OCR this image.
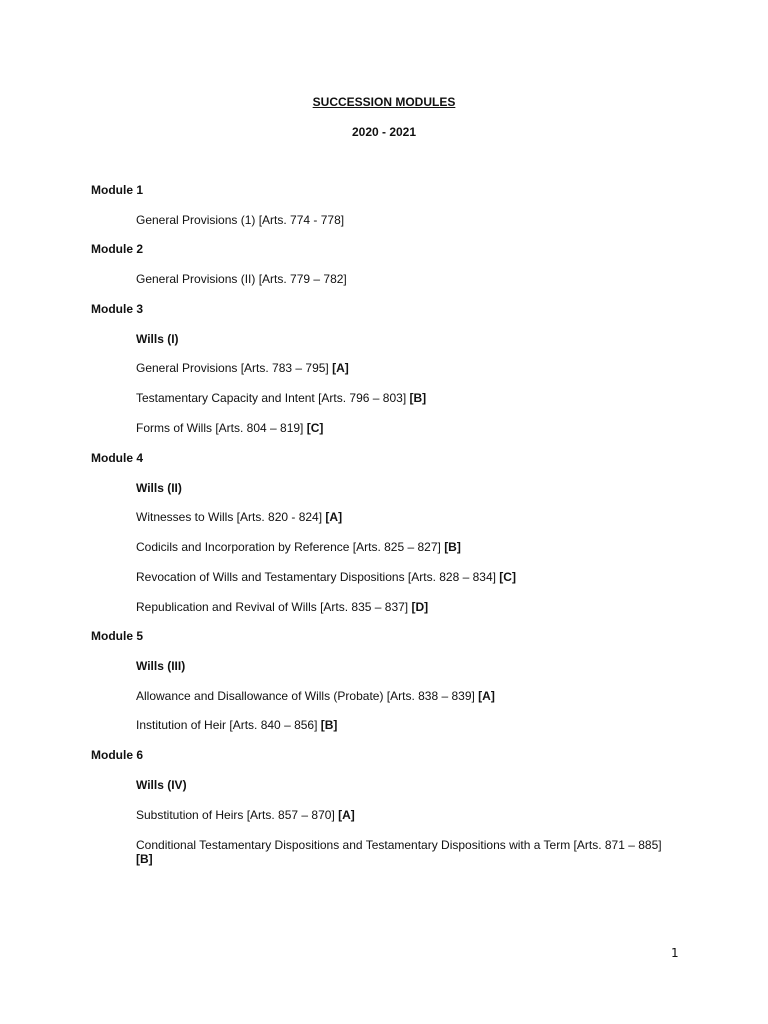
SUCCESSION MODULES
2020 - 2021
Module 1
General Provisions (1) [Arts. 774 - 778]
Module 2
General Provisions (II) [Arts. 779 – 782]
Module 3
Wills (I)
General Provisions [Arts. 783 – 795] [A]
Testamentary Capacity and Intent [Arts. 796 – 803] [B]
Forms of Wills [Arts. 804 – 819] [C]
Module 4
Wills (II)
Witnesses to Wills [Arts. 820 - 824] [A]
Codicils and Incorporation by Reference [Arts. 825 – 827] [B]
Revocation of Wills and Testamentary Dispositions [Arts. 828 – 834] [C]
Republication and Revival of Wills [Arts. 835 – 837] [D]
Module 5
Wills (III)
Allowance and Disallowance of Wills (Probate) [Arts. 838 – 839] [A]
Institution of Heir [Arts. 840 – 856] [B]
Module 6
Wills (IV)
Substitution of Heirs [Arts. 857 – 870] [A]
Conditional Testamentary Dispositions and Testamentary Dispositions with a Term [Arts. 871 – 885] [B]
1
